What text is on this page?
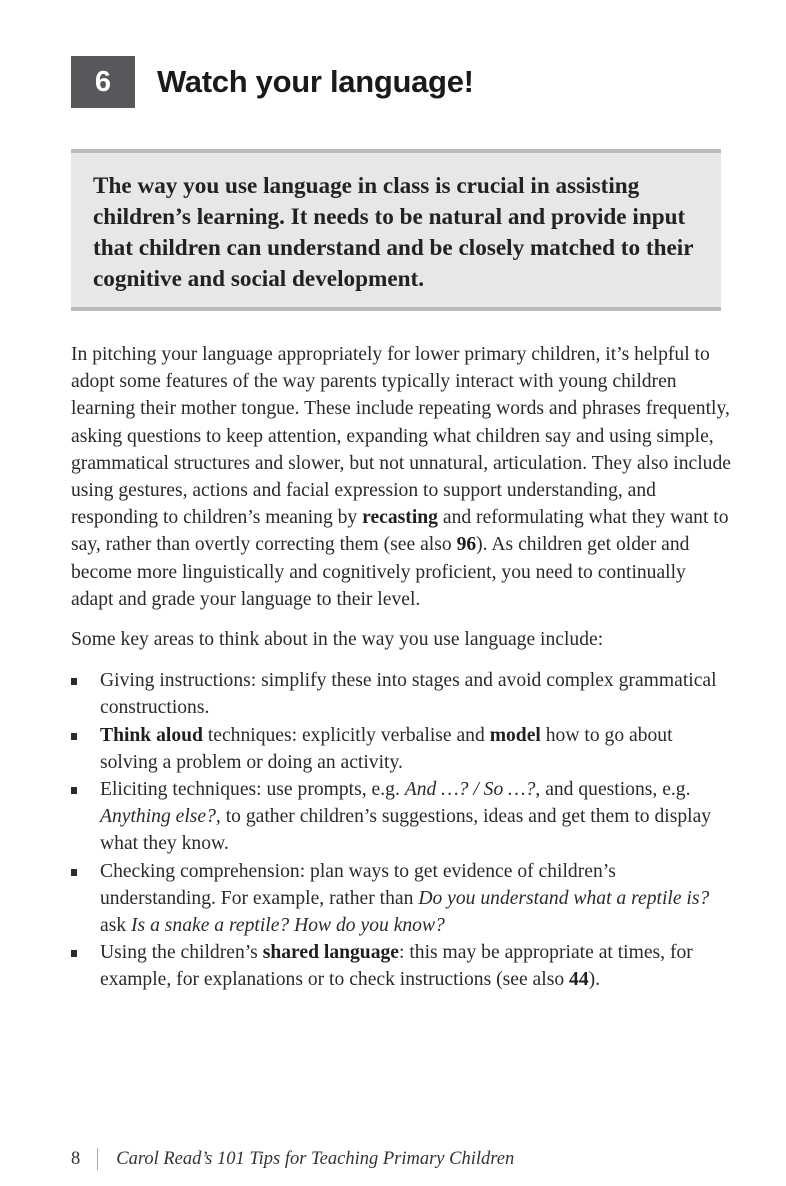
6	Watch your language!

The way you use language in class is crucial in assisting children’s learning. It needs to be natural and provide input that children can understand and be closely matched to their cognitive and social development.

In pitching your language appropriately for lower primary children, it’s helpful to adopt some features of the way parents typically interact with young children learning their mother tongue. These include repeating words and phrases frequently, asking questions to keep attention, expanding what children say and using simple, grammatical structures and slower, but not unnatural, articulation. They also include using gestures, actions and facial expression to support understanding, and responding to children’s meaning by recasting and reformulating what they want to say, rather than overtly correcting them (see also 96). As children get older and become more linguistically and cognitively proficient, you need to continually adapt and grade your language to their level.

Some key areas to think about in the way you use language include:

Giving instructions: simplify these into stages and avoid complex grammatical constructions.
Think aloud techniques: explicitly verbalise and model how to go about solving a problem or doing an activity.
Eliciting techniques: use prompts, e.g. And …? / So …?, and questions, e.g. Anything else?, to gather children’s suggestions, ideas and get them to display what they know.
Checking comprehension: plan ways to get evidence of children’s understanding. For example, rather than Do you understand what a reptile is? ask Is a snake a reptile? How do you know?
Using the children’s shared language: this may be appropriate at times, for example, for explanations or to check instructions (see also 44).
8 Carol Read’s 101 Tips for Teaching Primary Children
